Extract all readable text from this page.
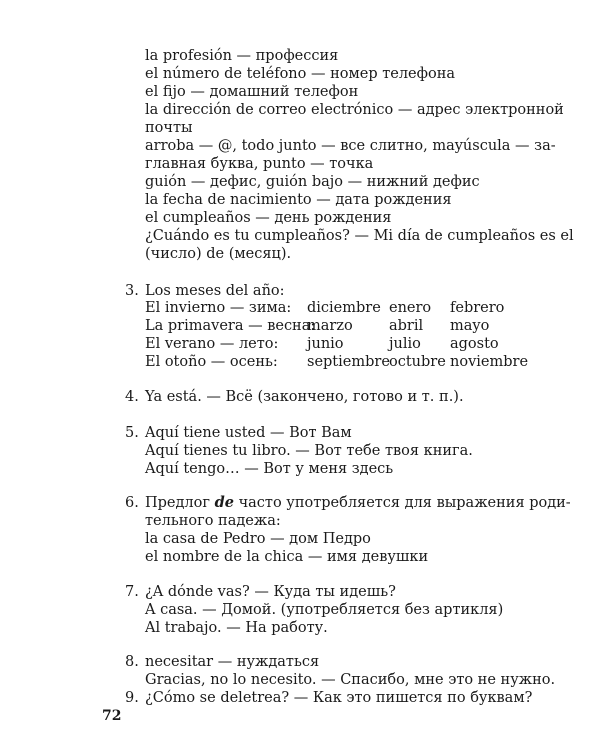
la profesión — профессия
el número de teléfono — номер телефона
el fijo — домашний телефон
la dirección de correo electrónico — адрес электронной
почты
arroba — @, todo junto — все слитно, mayúscula — за-
главная буква, punto — точка
guión — дефис, guión bajo — нижний дефис
la fecha de nacimiento — дата рождения
el cumpleaños — день рождения
¿Cuándo es tu cumpleaños? — Mi día de cumpleaños es el
(число) de (месяц).
3. Los meses del año:
El invierno — зима: diciembre enero febrero
La primavera — весна:
marzo	abril mayo
El verano — лето: junio	julio agosto
El otoño — осень: septiembre octubre noviembre
4. Ya está. — Всё (закончено, готово и т. п.).
5. Aquí tiene usted — Вот Вам
Aquí tienes tu libro. — Вот тебе твоя книга.
Aquí tengo… — Вот у меня здесь
6. Предлог de часто употребляется для выражения роди-
тельного падежа:
la casa de Pedro — дом Педро
el nombre de la chica — имя девушки
7. ¿A dónde vas? — Куда ты идешь?
A casa. — Домой. (употребляется без артикля)
Al trabajo. — На работу.
8. necesitar — нуждаться
Gracias, no lo necesito. — Спасибо, мне это не нужно.
9. ¿Cómo se deletrea? — Как это пишется по буквам?
72
